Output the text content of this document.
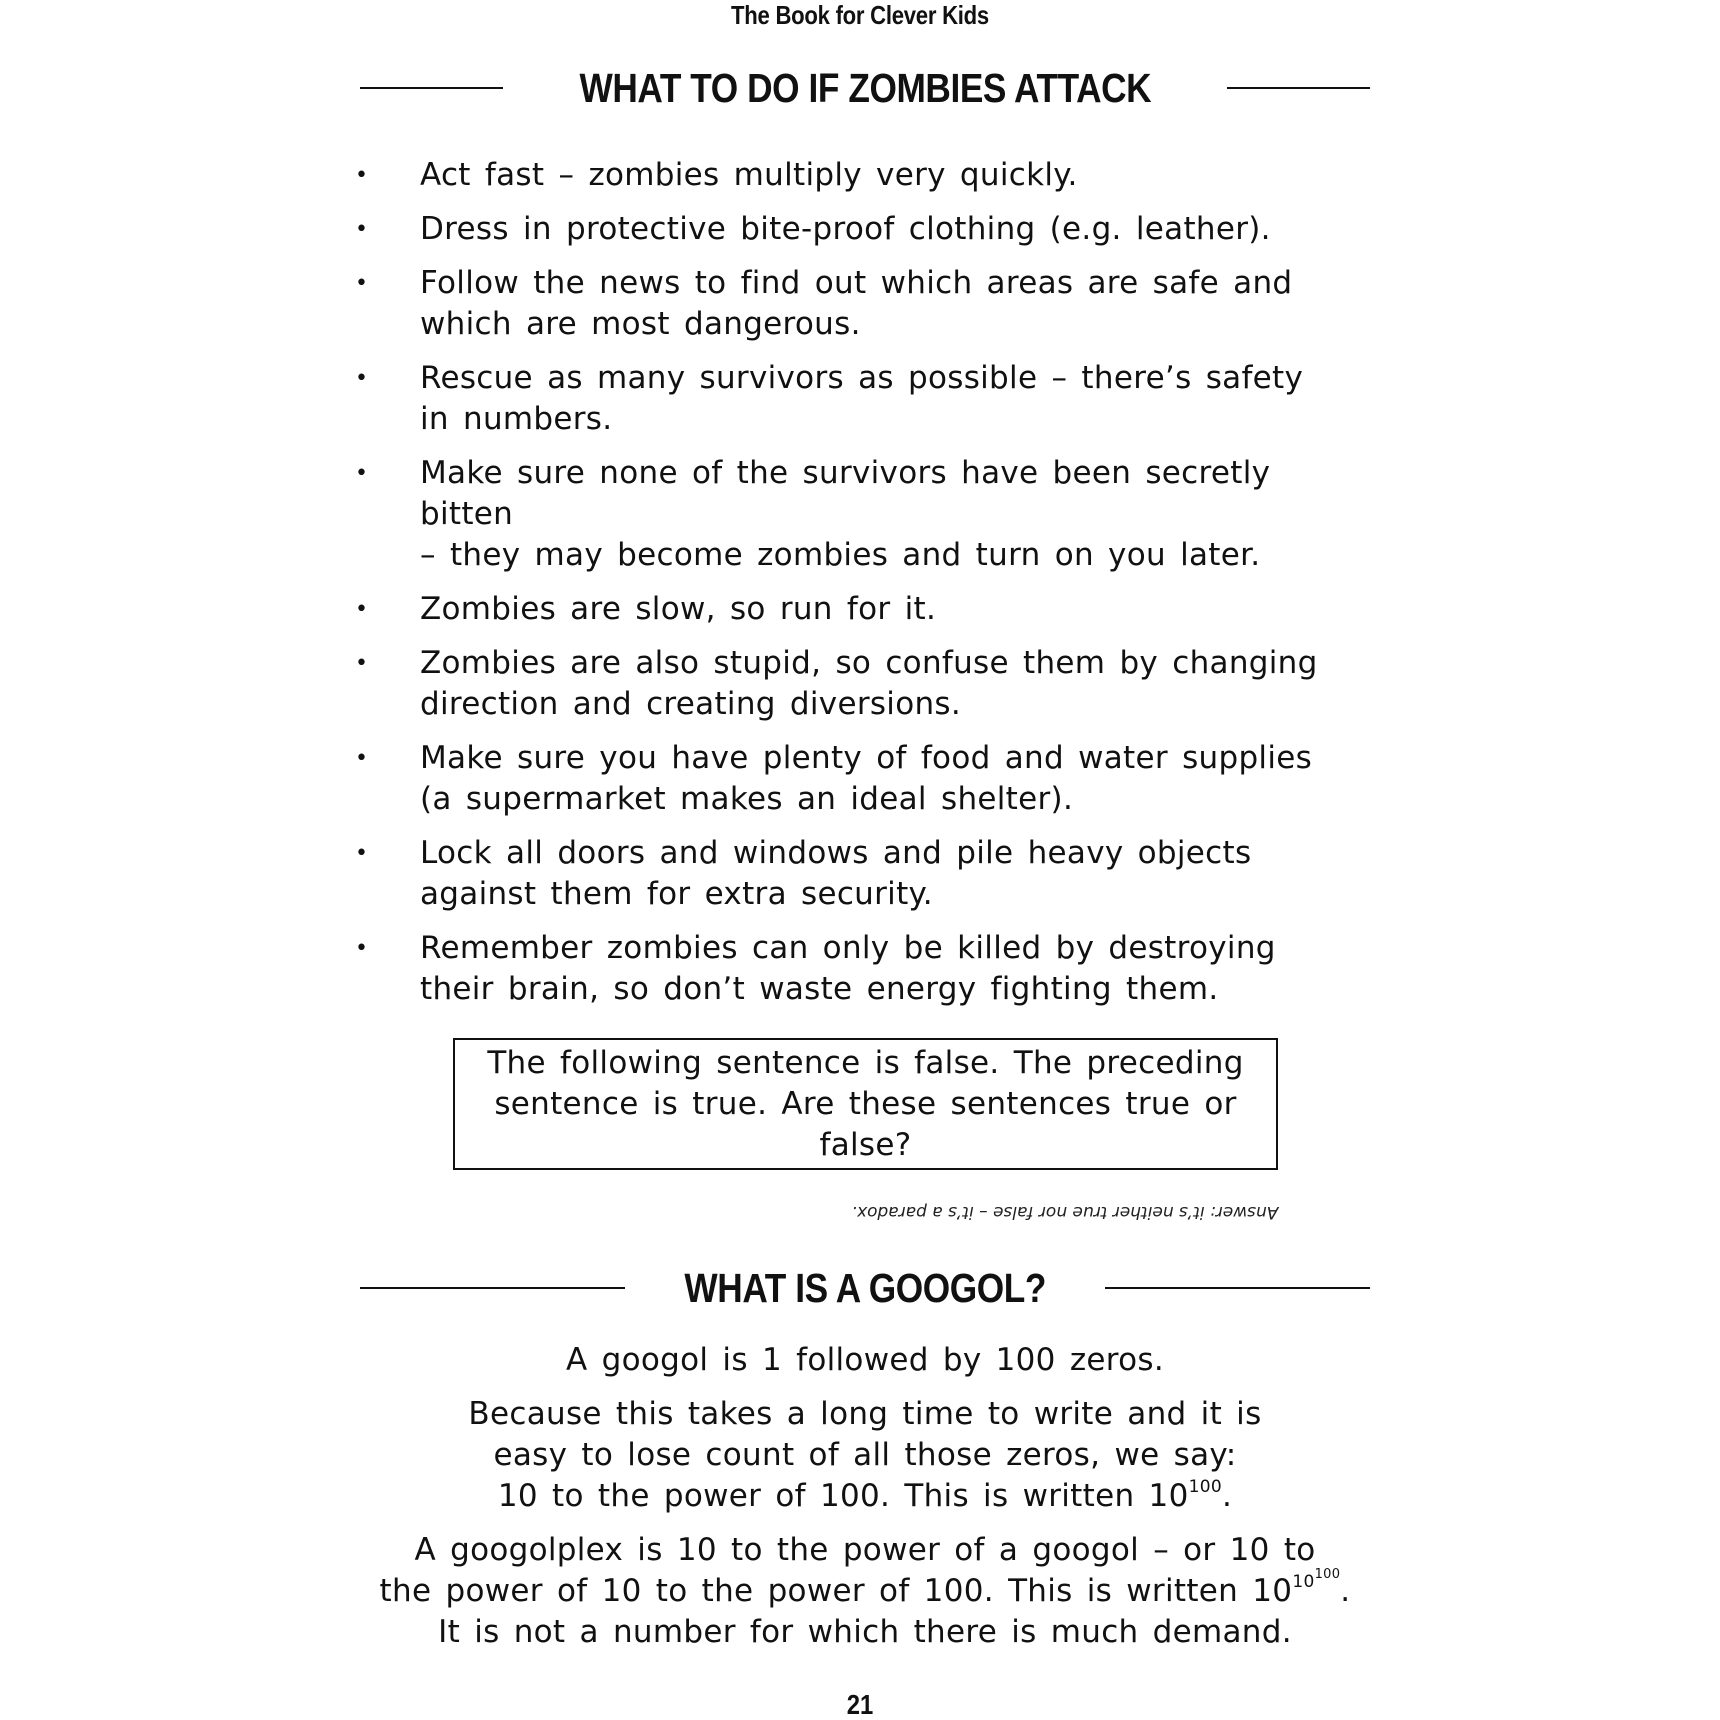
The Book for Clever Kids
WHAT TO DO IF ZOMBIES ATTACK
• Act fast – zombies multiply very quickly.
• Dress in protective bite-proof clothing (e.g. leather).
• Follow the news to find out which areas are safe and
which are most dangerous.
• Rescue as many survivors as possible – there’s safety
in numbers.
• Make sure none of the survivors have been secretly bitten
– they may become zombies and turn on you later.
• Zombies are slow, so run for it.
• Zombies are also stupid, so confuse them by changing
direction and creating diversions.
• Make sure you have plenty of food and water supplies
(a supermarket makes an ideal shelter).
• Lock all doors and windows and pile heavy objects
against them for extra security.
• Remember zombies can only be killed by destroying
their brain, so don’t waste energy fighting them.
The following sentence is false. The preceding
sentence is true. Are these sentences true or false?
Answer: it’s neither true nor false – it’s a paradox.
WHAT IS A GOOGOL?

A googol is 1 followed by 100 zeros.

Because this takes a long time to write and it is
easy to lose count of all those zeros, we say:
10 to the power of 100. This is written $10^{100}$.

A googolplex is 10 to the power of a googol – or 10 to
the power of 10 to the power of 100. This is written $10^{10^{100}}$.
It is not a number for which there is much demand.

21
